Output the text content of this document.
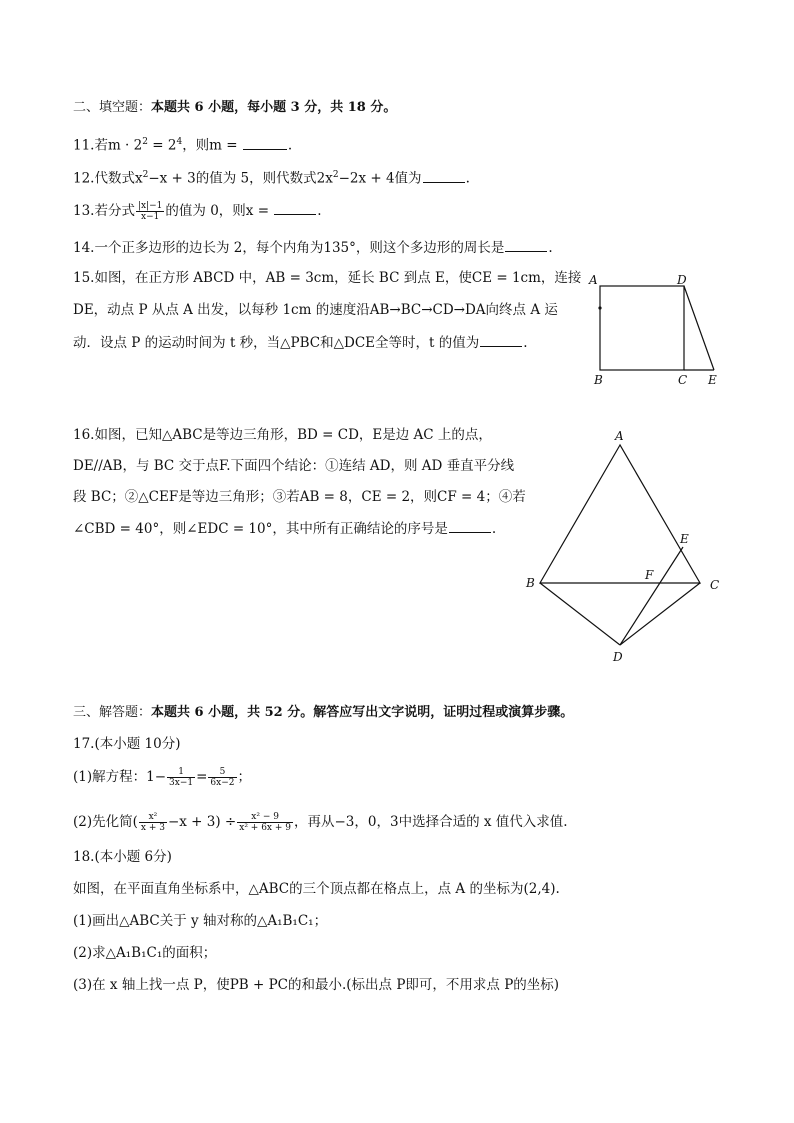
二、填空题：本题共 6 小题，每小题 3 分，共 18 分。
11.若$m \cdot 2^2 = 2^4$，则m =	.
12.代数式$x^2-x + 3$的值为 5，则代数式$2x^2-2x + 4$值为	.
13.若分式 $\frac{|x|-1}{x-1}$ 的值为 0，则x =	.
14.一个正多边形的边长为 2，每个内角为135°，则这个多边形的周长是	.
15.如图，在正方形 ABCD 中，AB = 3cm，延长 BC 到点 E，使CE = 1cm，连接
DE，动点 P 从点 A 出发，以每秒 1cm 的速度沿AB→BC→CD→DA向终点 A 运
动．设点 P 的运动时间为 t 秒，当△PBC和△DCE全等时，t 的值为	.
A	D
B	C E
16.如图，已知△ABC是等边三角形，BD = CD，E是边 AC 上的点，
DE//AB，与 BC 交于点F.下面四个结论：①连结 AD，则 AD 垂直平分线
段 BC；②△CEF是等边三角形；③若AB = 8，CE = 2，则CF = 4；④若
∠CBD = 40°，则∠EDC = 10°，其中所有正确结论的序号是	.
A
B	C
D
E
F
三、解答题：本题共 6 小题，共 52 分。解答应写出文字说明，证明过程或演算步骤。
17.(本小题 10分)
(1)解方程：$1- \frac{1}{3x-1} = \frac{5}{6x-2}$ ；
(2)先化简( $\frac{\text{x²}}{x + 3} -x + 3) \div \frac{\text{x² − 9}}{\text{x² + 6x + 9}}$ ，再从−3，0，3中选择合适的 x 值代入求值.
18.(本小题 6分)
如图，在平面直角坐标系中，△ABC的三个顶点都在格点上，点 A 的坐标为(2,4).
(1)画出△ABC关于 y 轴对称的△A₁B₁C₁；
(2)求△A₁B₁C₁的面积；
(3)在 x 轴上找一点 P，使PB + PC的和最小.(标出点 P即可，不用求点 P的坐标)
